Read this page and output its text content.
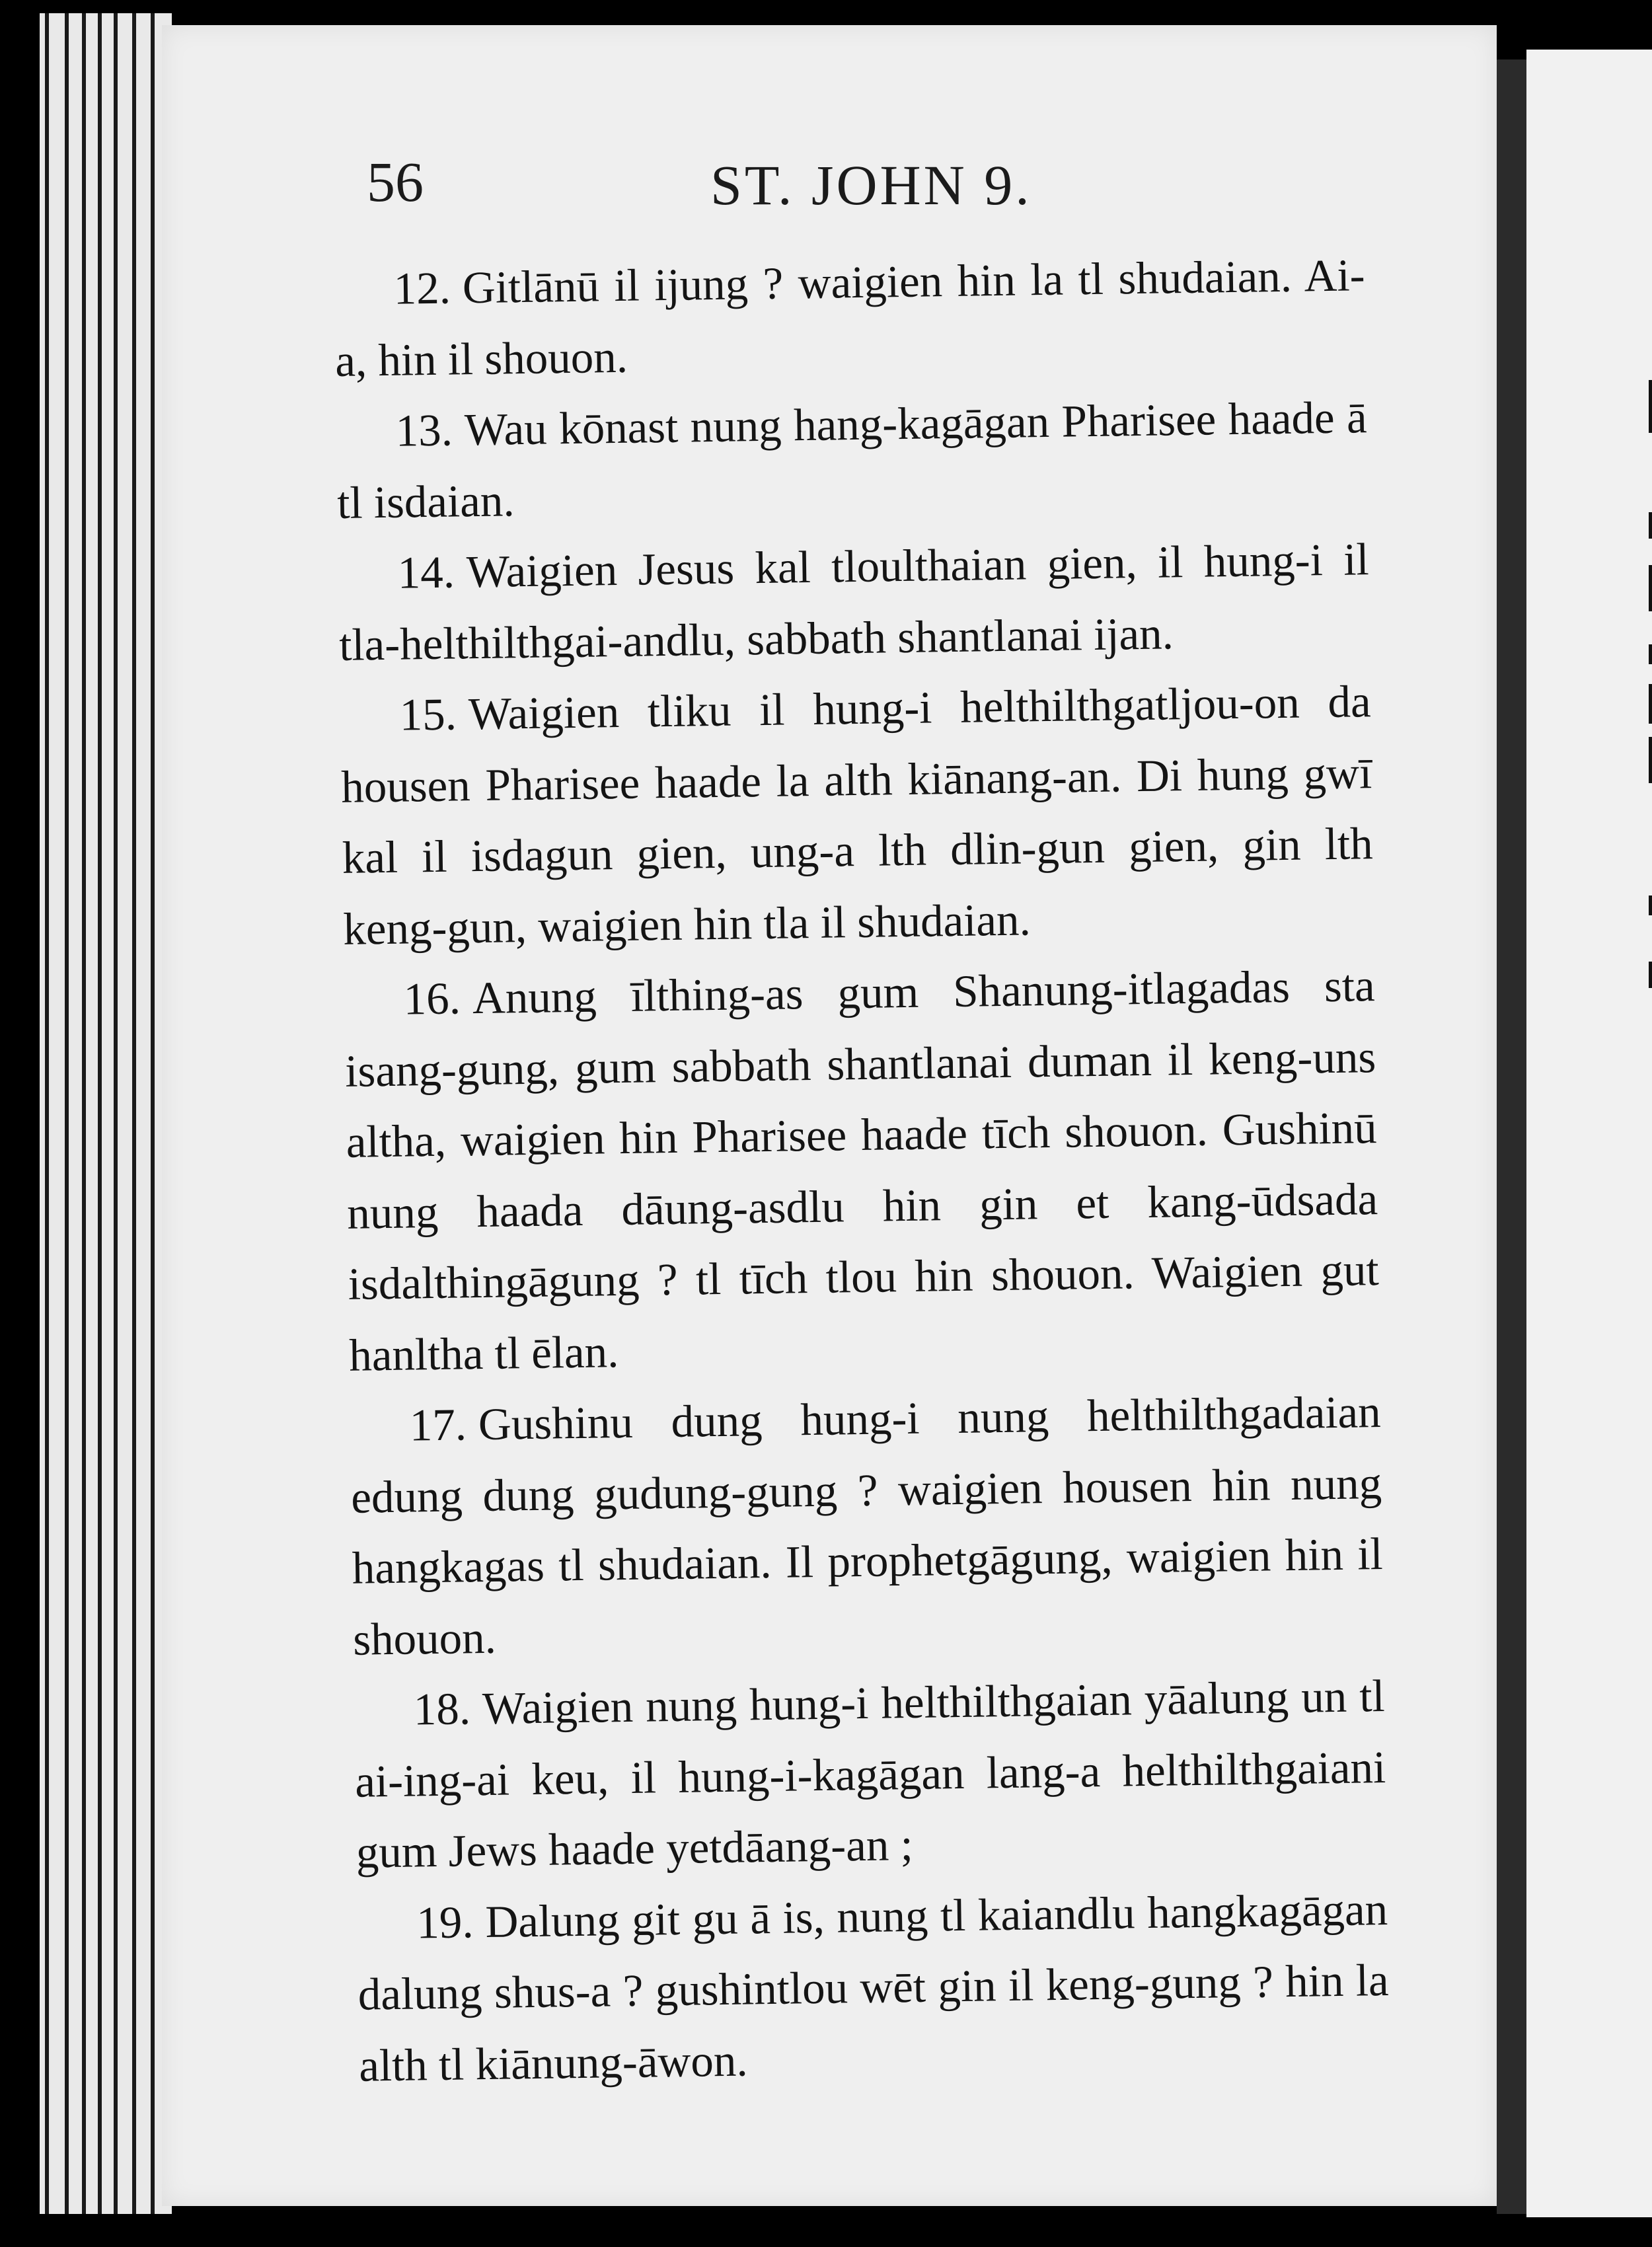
56	ST. JOHN 9.

12. Gitlānū il ijung ? waigien hin la tl shudaian. Ai-a, hin il shouon.

13. Wau kōnast nung hang-kagāgan Pharisee haade ā tl isdaian.

14. Waigien Jesus kal tloulthaian gien, il hung-i il tla-helthilthgai-andlu, sabbath shantlanai ijan.

15. Waigien tliku il hung-i helthilthgatljou-on da housen Pharisee haade la alth kiānang-an. Di hung gwī kal il isdagun gien, ung-a lth dlin-gun gien, gin lth keng-gun, waigien hin tla il shudaian.

16. Anung īlthing-as gum Shanung-itlagadas sta isang-gung, gum sabbath shantlanai duman il keng-uns altha, waigien hin Pharisee haade tīch shouon. Gushinū nung haada dāung-asdlu hin gin et kang-ūdsada isdalthingāgung ? tl tīch tlou hin shouon. Waigien gut hanltha tl ēlan.

17. Gushinu dung hung-i nung helthilthgadaian edung dung gudung-gung ? waigien housen hin nung hangkagas tl shudaian. Il prophetgāgung, waigien hin il shouon.

18. Waigien nung hung-i helthilthgaian yāalung un tl ai-ing-ai keu, il hung-i-kagāgan lang-a helthilthgaiani gum Jews haade yetdāang-an ;

19. Dalung git gu ā is, nung tl kaiandlu hangkagāgan dalung shus-a ? gushintlou wēt gin il keng-gung ? hin la alth tl kiānung-āwon.
